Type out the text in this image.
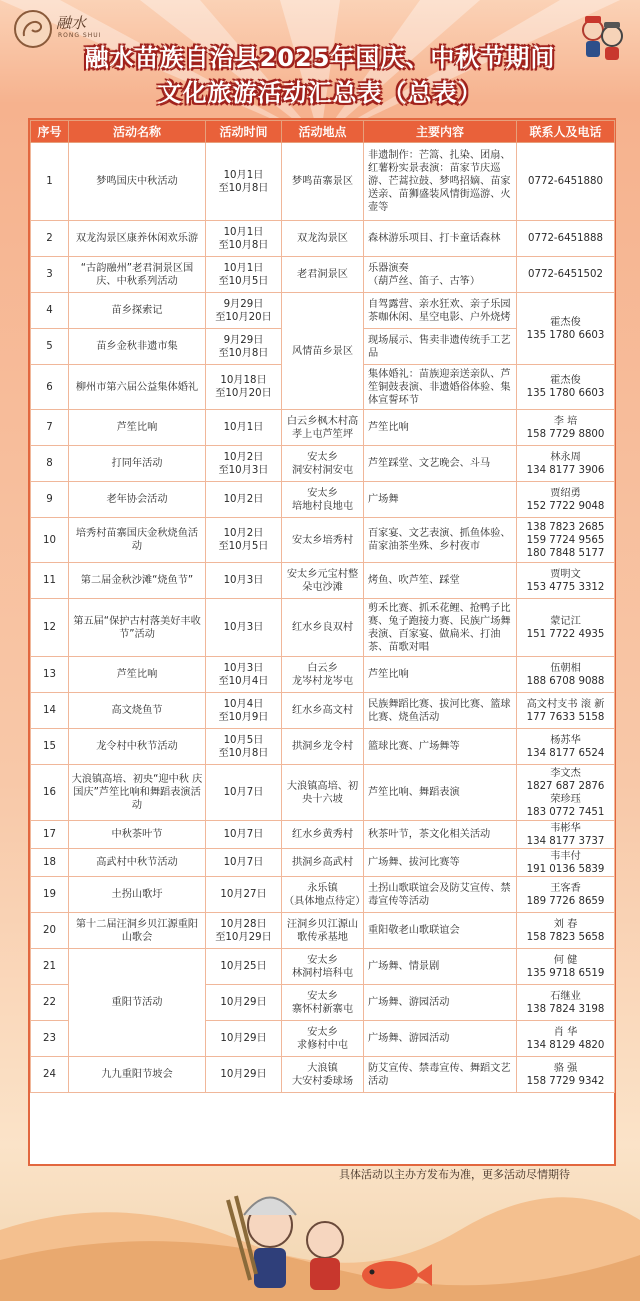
融水
RONG SHUI
融水苗族自治县2025年国庆、中秋节期间
文化旅游活动汇总表（总表）
序号	活动名称	活动时间	活动地点	主要内容	联系人及电话
1	梦鸣国庆中秋活动	10月1日
至10月8日	梦鸣苗寨景区	非遗制作：芒篙、扎染、团扇、红薯粉实景表演：苗家节庆巡游、芒蒿拉鼓、梦鸣招嫡、苗家送亲、苗狮盛装风情街巡游、火壶等	0772-6451880
2	双龙沟景区康养休闲欢乐游	10月1日
至10月8日	双龙沟景区	森林游乐项目、打卡童话森林	0772-6451888
3	“古韵融州”老君洞景区国庆、中秋系列活动	10月1日
至10月5日	老君洞景区	乐器演奏
（葫芦丝、笛子、古筝）	0772-6451502
4	苗乡探索记	9月29日
至10月20日	风情苗乡景区	自驾露营、亲水狂欢、亲子乐园茶咖休闲、星空电影、户外烧烤	霍杰俊
135 1780 6603
5	苗乡金秋非遗市集	9月29日
至10月8日		现场展示、售卖非遗传统手工艺品	
6	柳州市第六届公益集体婚礼	10月18日
至10月20日		集体婚礼：苗族迎亲送亲队、芦笙铜鼓表演、非遗婚俗体验、集体宣誓环节	霍杰俊
135 1780 6603
7	芦笙比响	10月1日	白云乡枫木村高孝上屯芦笙坪	芦笙比响	李 培
158 7729 8800
8	打同年活动	10月2日
至10月3日	安太乡
洞安村洞安屯	芦笙踩堂、文艺晚会、斗马	林永周
134 8177 3906
9	老年协会活动	10月2日	安太乡
培地村良地屯	广场舞	贾绍勇
152 7722 9048
10	培秀村苗寨国庆金秋烧鱼活动	10月2日
至10月5日	安太乡培秀村	百家宴、文艺表演、抓鱼体验、苗家油茶坐殊、乡村夜市	138 7823 2685
159 7724 9565
180 7848 5177
11	第二届金秋沙滩“烧鱼节”	10月3日	安太乡元宝村整朵屯沙滩	烤鱼、吹芦笙、踩堂	贾明文
153 4775 3312
12	第五届“保护古村落美好丰收节”活动	10月3日	红水乡良双村	剪禾比赛、抓禾花鲤、抢鸭子比赛、兔子跑接力赛、民族广场舞表演、百家宴、做扁米、打油茶、苗歌对唱	蒙记江
151 7722 4935
13	芦笙比响	10月3日
至10月4日	白云乡
龙岑村龙岑屯	芦笙比响	伍朝相
188 6708 9088
14	高文烧鱼节	10月4日
至10月9日	红水乡高文村	民族舞蹈比赛、拔河比赛、篮球比赛、烧鱼活动	高文村支书 滚 新
177 7633 5158
15	龙令村中秋节活动	10月5日
至10月8日	拱洞乡龙令村	篮球比赛、广场舞等	杨苏华
134 8177 6524
16	大浪镇高培、初央“迎中秋 庆国庆”芦笙比响和舞蹈表演活动	10月7日	大浪镇高培、初央十六坡	芦笙比响、舞蹈表演	李文杰
1827 687 2876
荣珍珏
183 0772 7451
17	中秋茶叶节	10月7日	红水乡黄秀村	秋茶叶节，茶文化相关活动	韦彬华
134 8177 3737
18	高武村中秋节活动	10月7日	拱洞乡高武村	广场舞、拔河比赛等	韦丰付
191 0136 5839
19	土拐山歌圩	10月27日	永乐镇
（具体地点待定）	土拐山歌联谊会及防艾宣传、禁毒宣传等活动	王客香
189 7726 8659
20	第十二届汪洞乡贝江源重阳山歌会	10月28日
至10月29日	汪洞乡贝江源山歌传承基地	重阳敬老山歌联谊会	刘 春
158 7823 5658
21	重阳节活动	10月25日	安太乡
林洞村培科屯	广场舞、情景剧	何 健
135 9718 6519
22		10月29日	安太乡
寨怀村新寨屯	广场舞、游园活动	石继业
138 7824 3198
23		10月29日	安太乡
求修村中屯	广场舞、游园活动	肖 华
134 8129 4820
24	九九重阳节坡会	10月29日	大浪镇
大安村委球场	防艾宣传、禁毒宣传、舞蹈文艺活动	骆 强
158 7729 9342
具体活动以主办方发布为准，更多活动尽情期待
